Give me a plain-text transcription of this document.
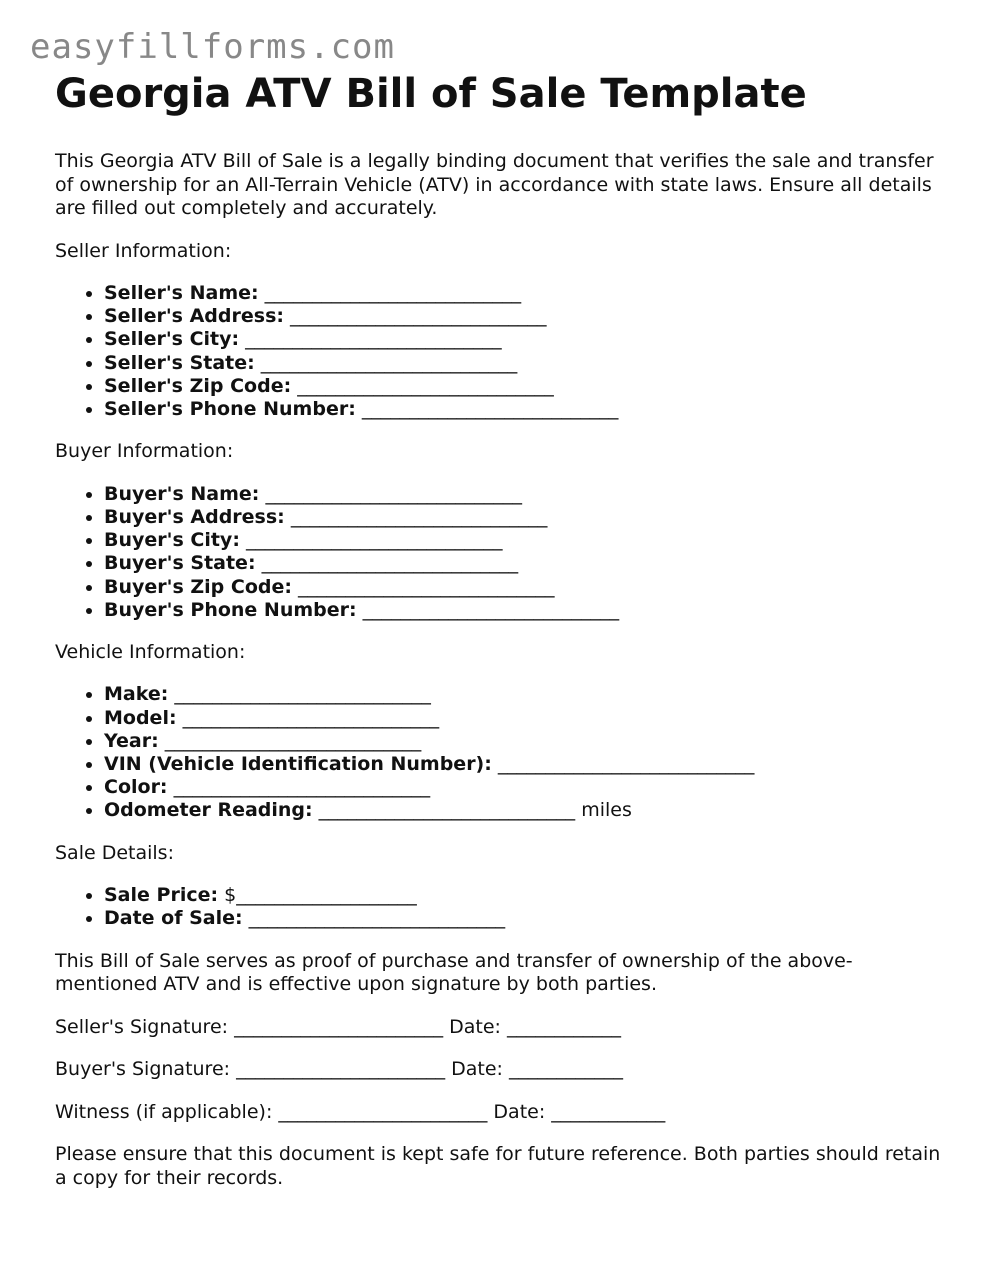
easyfillforms.com
Georgia ATV Bill of Sale Template

This Georgia ATV Bill of Sale is a legally binding document that verifies the sale and transfer of ownership for an All-Terrain Vehicle (ATV) in accordance with state laws. Ensure all details are filled out completely and accurately.

Seller Information:

• Seller's Name: ___________________________
• Seller's Address: ___________________________
• Seller's City: ___________________________
• Seller's State: ___________________________
• Seller's Zip Code: ___________________________
• Seller's Phone Number: ___________________________

Buyer Information:

• Buyer's Name: ___________________________
• Buyer's Address: ___________________________
• Buyer's City: ___________________________
• Buyer's State: ___________________________
• Buyer's Zip Code: ___________________________
• Buyer's Phone Number: ___________________________

Vehicle Information:

• Make: ___________________________
• Model: ___________________________
• Year: ___________________________
• VIN (Vehicle Identification Number): ___________________________
• Color: ___________________________
• Odometer Reading: ___________________________ miles

Sale Details:

• Sale Price: $___________________
• Date of Sale: ___________________________

This Bill of Sale serves as proof of purchase and transfer of ownership of the above-mentioned ATV and is effective upon signature by both parties.

Seller's Signature: ______________________ Date: ____________

Buyer's Signature: ______________________ Date: ____________

Witness (if applicable): ______________________ Date: ____________

Please ensure that this document is kept safe for future reference. Both parties should retain a copy for their records.
